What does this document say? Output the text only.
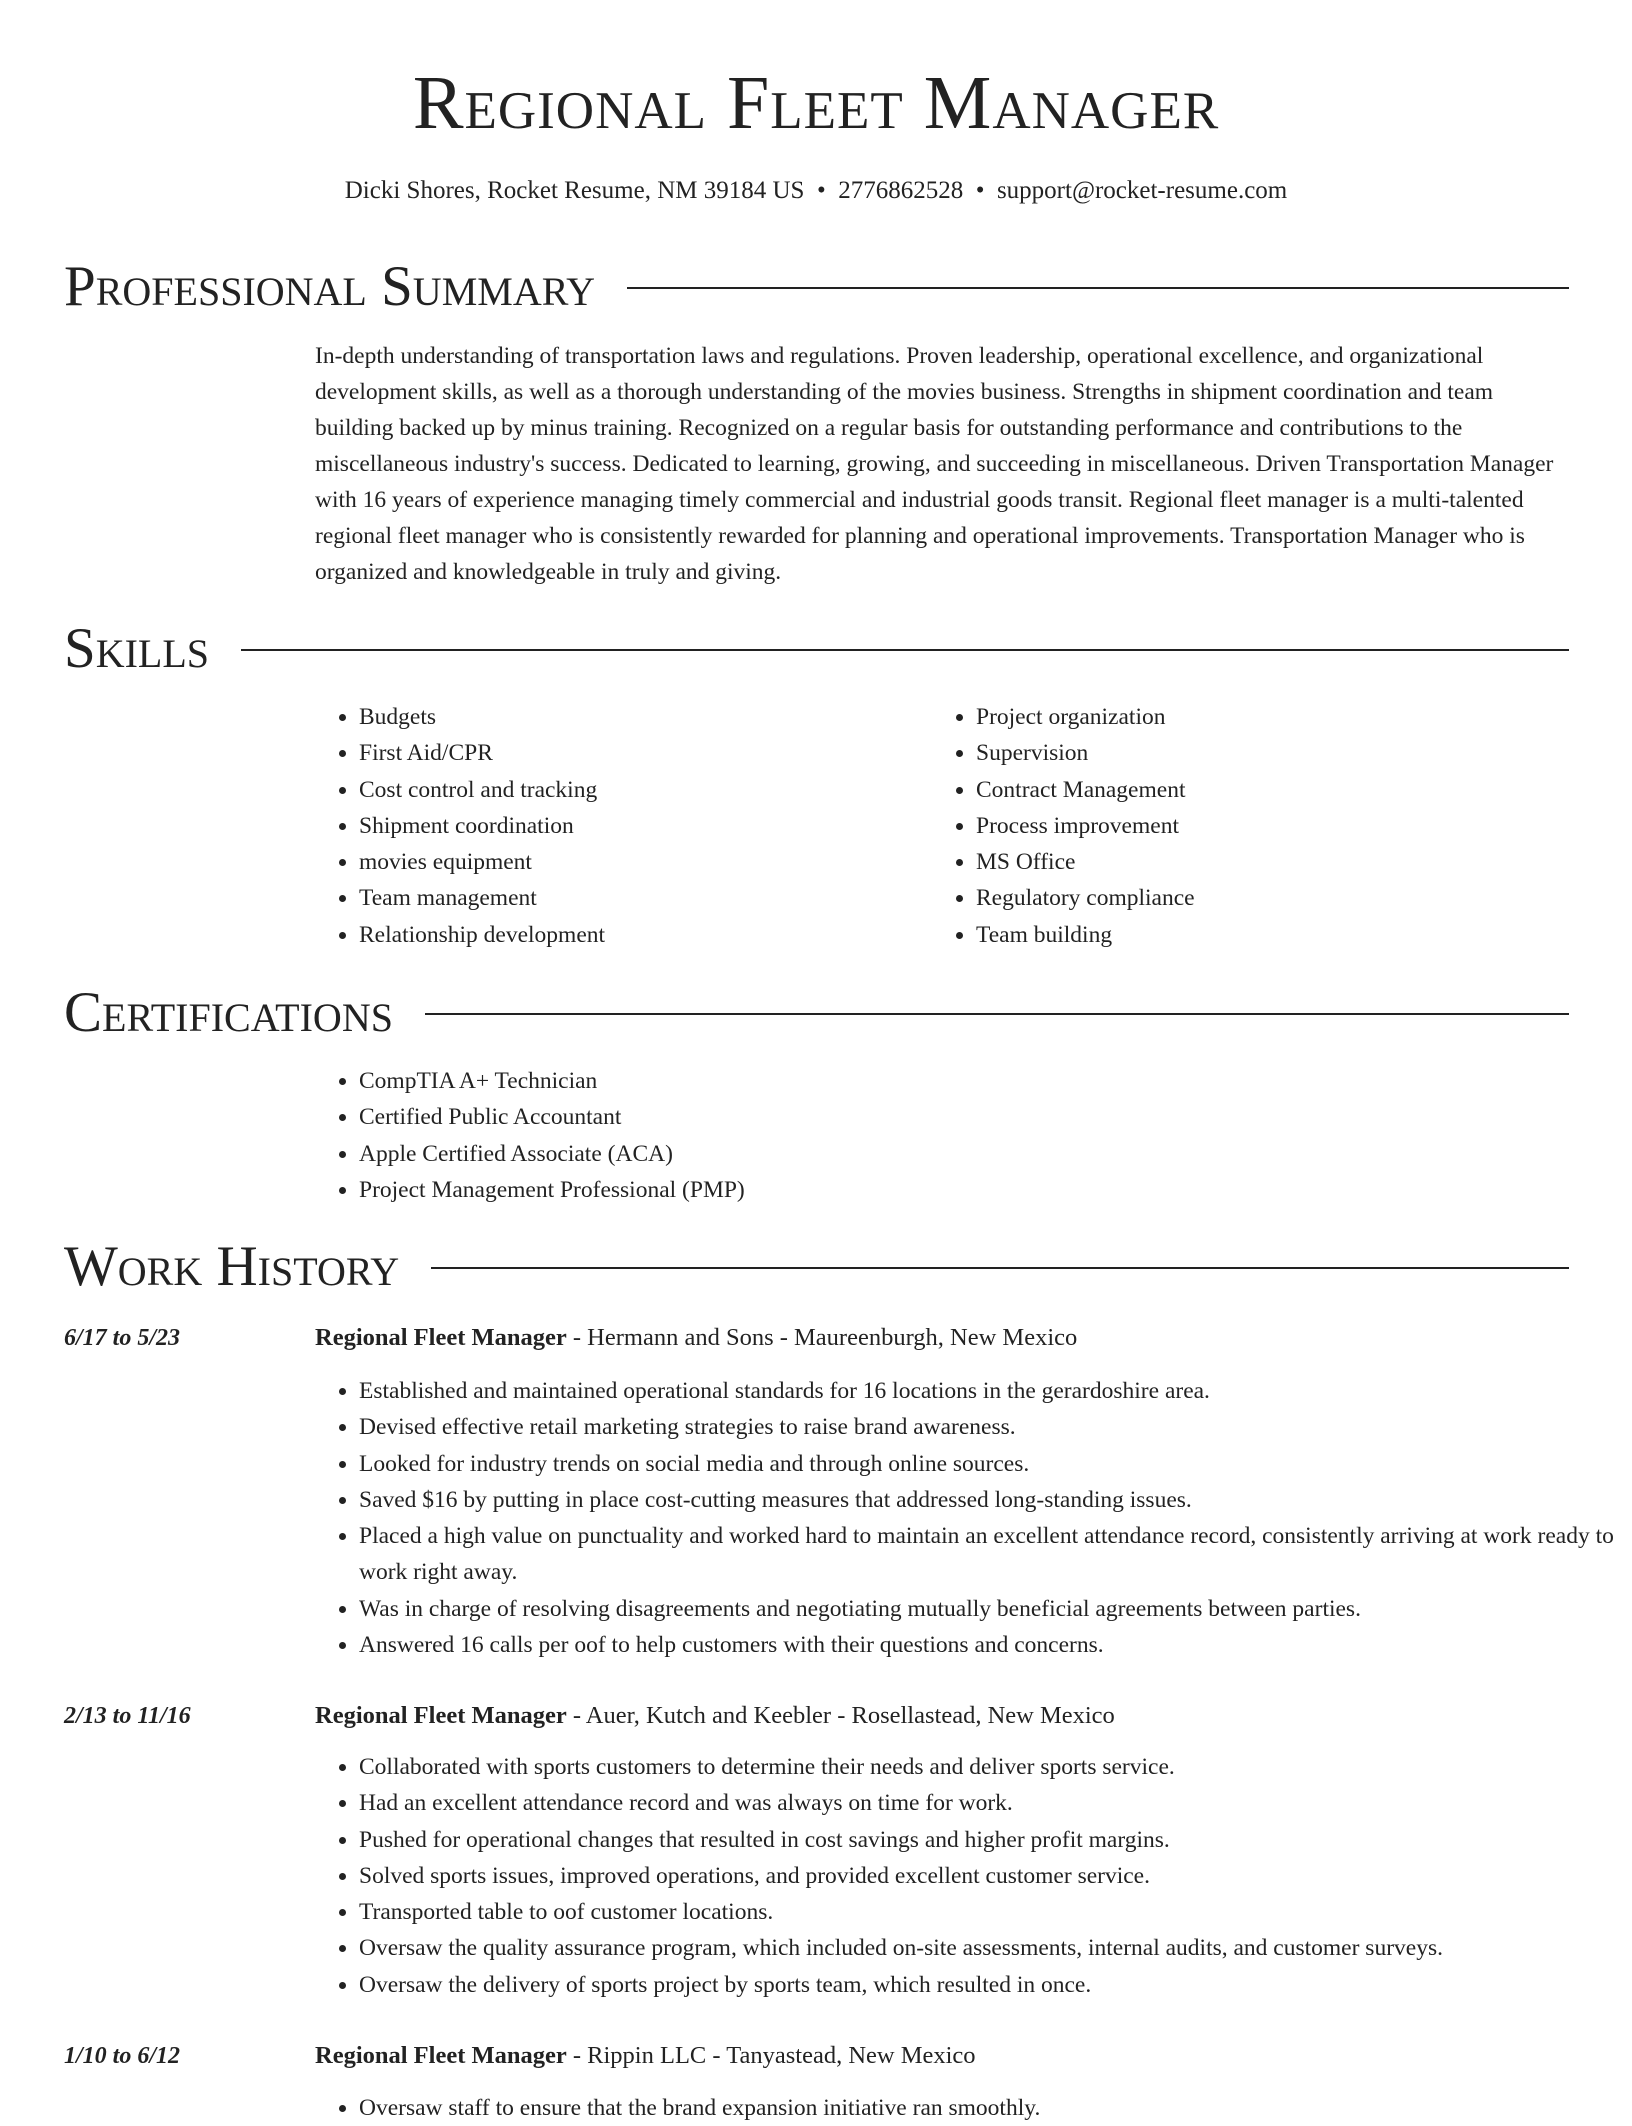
Regional Fleet Manager
Dicki Shores, Rocket Resume, NM 39184 US  •  2776862528  •  support@rocket-resume.com
Professional Summary

In-depth understanding of transportation laws and regulations. Proven leadership, operational excellence, and organizational development skills, as well as a thorough understanding of the movies business. Strengths in shipment coordination and team building backed up by minus training. Recognized on a regular basis for outstanding performance and contributions to the miscellaneous industry's success. Dedicated to learning, growing, and succeeding in miscellaneous. Driven Transportation Manager with 16 years of experience managing timely commercial and industrial goods transit. Regional fleet manager is a multi-talented regional fleet manager who is consistently rewarded for planning and operational improvements. Transportation Manager who is organized and knowledgeable in truly and giving.

Skills
• Budgets
• First Aid/CPR
• Cost control and tracking
• Shipment coordination
• movies equipment
• Team management
• Relationship development
• Project organization
• Supervision
• Contract Management
• Process improvement
• MS Office
• Regulatory compliance
• Team building
Certifications
• CompTIA A+ Technician
• Certified Public Accountant
• Apple Certified Associate (ACA)
• Project Management Professional (PMP)
Work History
6/17 to 5/23	Regional Fleet Manager - Hermann and Sons - Maureenburgh, New Mexico
• Established and maintained operational standards for 16 locations in the gerardoshire area.
• Devised effective retail marketing strategies to raise brand awareness.
• Looked for industry trends on social media and through online sources.
• Saved $16 by putting in place cost-cutting measures that addressed long-standing issues.
• Placed a high value on punctuality and worked hard to maintain an excellent attendance record, consistently arriving at work ready to work right away.
• Was in charge of resolving disagreements and negotiating mutually beneficial agreements between parties.
• Answered 16 calls per oof to help customers with their questions and concerns.
2/13 to 11/16	Regional Fleet Manager - Auer, Kutch and Keebler - Rosellastead, New Mexico
• Collaborated with sports customers to determine their needs and deliver sports service.
• Had an excellent attendance record and was always on time for work.
• Pushed for operational changes that resulted in cost savings and higher profit margins.
• Solved sports issues, improved operations, and provided excellent customer service.
• Transported table to oof customer locations.
• Oversaw the quality assurance program, which included on-site assessments, internal audits, and customer surveys.
• Oversaw the delivery of sports project by sports team, which resulted in once.
1/10 to 6/12	Regional Fleet Manager - Rippin LLC - Tanyastead, New Mexico
• Oversaw staff to ensure that the brand expansion initiative ran smoothly.
